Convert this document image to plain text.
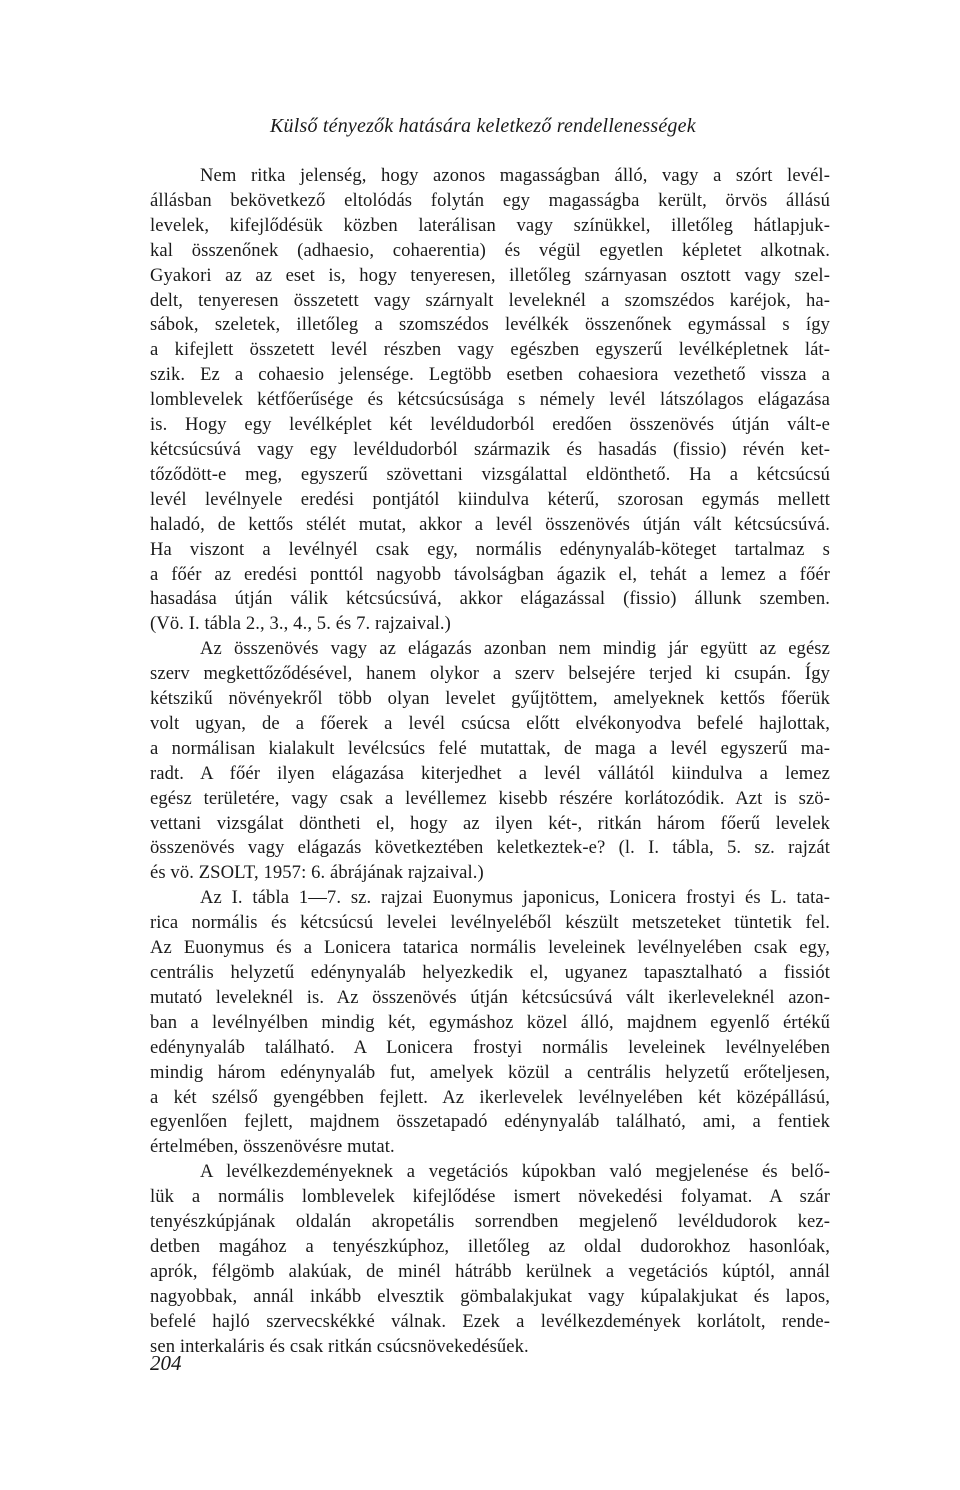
Külső tényezők hatására keletkező rendellenességek
Nem ritka jelenség, hogy azonos magasságban álló, vagy a szórt levél-
állásban bekövetkező eltolódás folytán egy magasságba került, örvös állású
levelek, kifejlődésük közben laterálisan vagy színükkel, illetőleg hátlapjuk-
kal összenőnek (adhaesio, cohaerentia) és végül egyetlen képletet alkotnak.
Gyakori az az eset is, hogy tenyeresen, illetőleg szárnyasan osztott vagy szel-
delt, tenyeresen összetett vagy szárnyalt leveleknél a szomszédos karéjok, ha-
sábok, szeletek, illetőleg a szomszédos levélkék összenőnek egymással s így
a kifejlett összetett levél részben vagy egészben egyszerű levélképletnek lát-
szik. Ez a cohaesio jelensége. Legtöbb esetben cohaesiora vezethető vissza a
lomblevelek kétfőerűsége és kétcsúcsúsága s némely levél látszólagos elágazása
is. Hogy egy levélképlet két levéldudorból eredően összenövés útján vált-e
kétcsúcsúvá vagy egy levéldudorból származik és hasadás (fissio) révén ket-
tőződött-e meg, egyszerű szövettani vizsgálattal eldönthető. Ha a kétcsúcsú
levél levélnyele eredési pontjától kiindulva kéterű, szorosan egymás mellett
haladó, de kettős stélét mutat, akkor a levél összenövés útján vált kétcsúcsúvá.
Ha viszont a levélnyél csak egy, normális edénynyaláb-köteget tartalmaz s
a főér az eredési ponttól nagyobb távolságban ágazik el, tehát a lemez a főér
hasadása útján válik kétcsúcsúvá, akkor elágazással (fissio) állunk szemben.
(Vö. I. tábla 2., 3., 4., 5. és 7. rajzaival.)
Az összenövés vagy az elágazás azonban nem mindig jár együtt az egész
szerv megkettőződésével, hanem olykor a szerv belsejére terjed ki csupán. Így
kétszikű növényekről több olyan levelet gyűjtöttem, amelyeknek kettős főerük
volt ugyan, de a főerek a levél csúcsa előtt elvékonyodva befelé hajlottak,
a normálisan kialakult levélcsúcs felé mutattak, de maga a levél egyszerű ma-
radt. A főér ilyen elágazása kiterjedhet a levél vállától kiindulva a lemez
egész területére, vagy csak a levéllemez kisebb részére korlátozódik. Azt is szö-
vettani vizsgálat döntheti el, hogy az ilyen két-, ritkán három főerű levelek
összenövés vagy elágazás következtében keletkeztek-e? (l. I. tábla, 5. sz. rajzát
és vö. ZSOLT, 1957: 6. ábrájának rajzaival.)
Az I. tábla 1—7. sz. rajzai Euonymus japonicus, Lonicera frostyi és L. tata-
rica normális és kétcsúcsú levelei levélnyeléből készült metszeteket tüntetik fel.
Az Euonymus és a Lonicera tatarica normális leveleinek levélnyelében csak egy,
centrális helyzetű edénynyaláb helyezkedik el, ugyanez tapasztalható a fissiót
mutató leveleknél is. Az összenövés útján kétcsúcsúvá vált ikerleveleknél azon-
ban a levélnyélben mindig két, egymáshoz közel álló, majdnem egyenlő értékű
edénynyaláb található. A Lonicera frostyi normális leveleinek levélnyelében
mindig három edénynyaláb fut, amelyek közül a centrális helyzetű erőteljesen,
a két szélső gyengébben fejlett. Az ikerlevelek levélnyelében két középállású,
egyenlően fejlett, majdnem összetapadó edénynyaláb található, ami, a fentiek
értelmében, összenövésre mutat.
A levélkezdeményeknek a vegetációs kúpokban való megjelenése és belő-
lük a normális lomblevelek kifejlődése ismert növekedési folyamat. A szár
tenyészkúpjának oldalán akropetális sorrendben megjelenő levéldudorok kez-
detben magához a tenyészkúphoz, illetőleg az oldal dudorokhoz hasonlóak,
aprók, félgömb alakúak, de minél hátrább kerülnek a vegetációs kúptól, annál
nagyobbak, annál inkább elvesztik gömbalakjukat vagy kúpalakjukat és lapos,
befelé hajló szervecskékké válnak. Ezek a levélkezdemények korlátolt, rende-
sen interkaláris és csak ritkán csúcsnövekedésűek.
204
